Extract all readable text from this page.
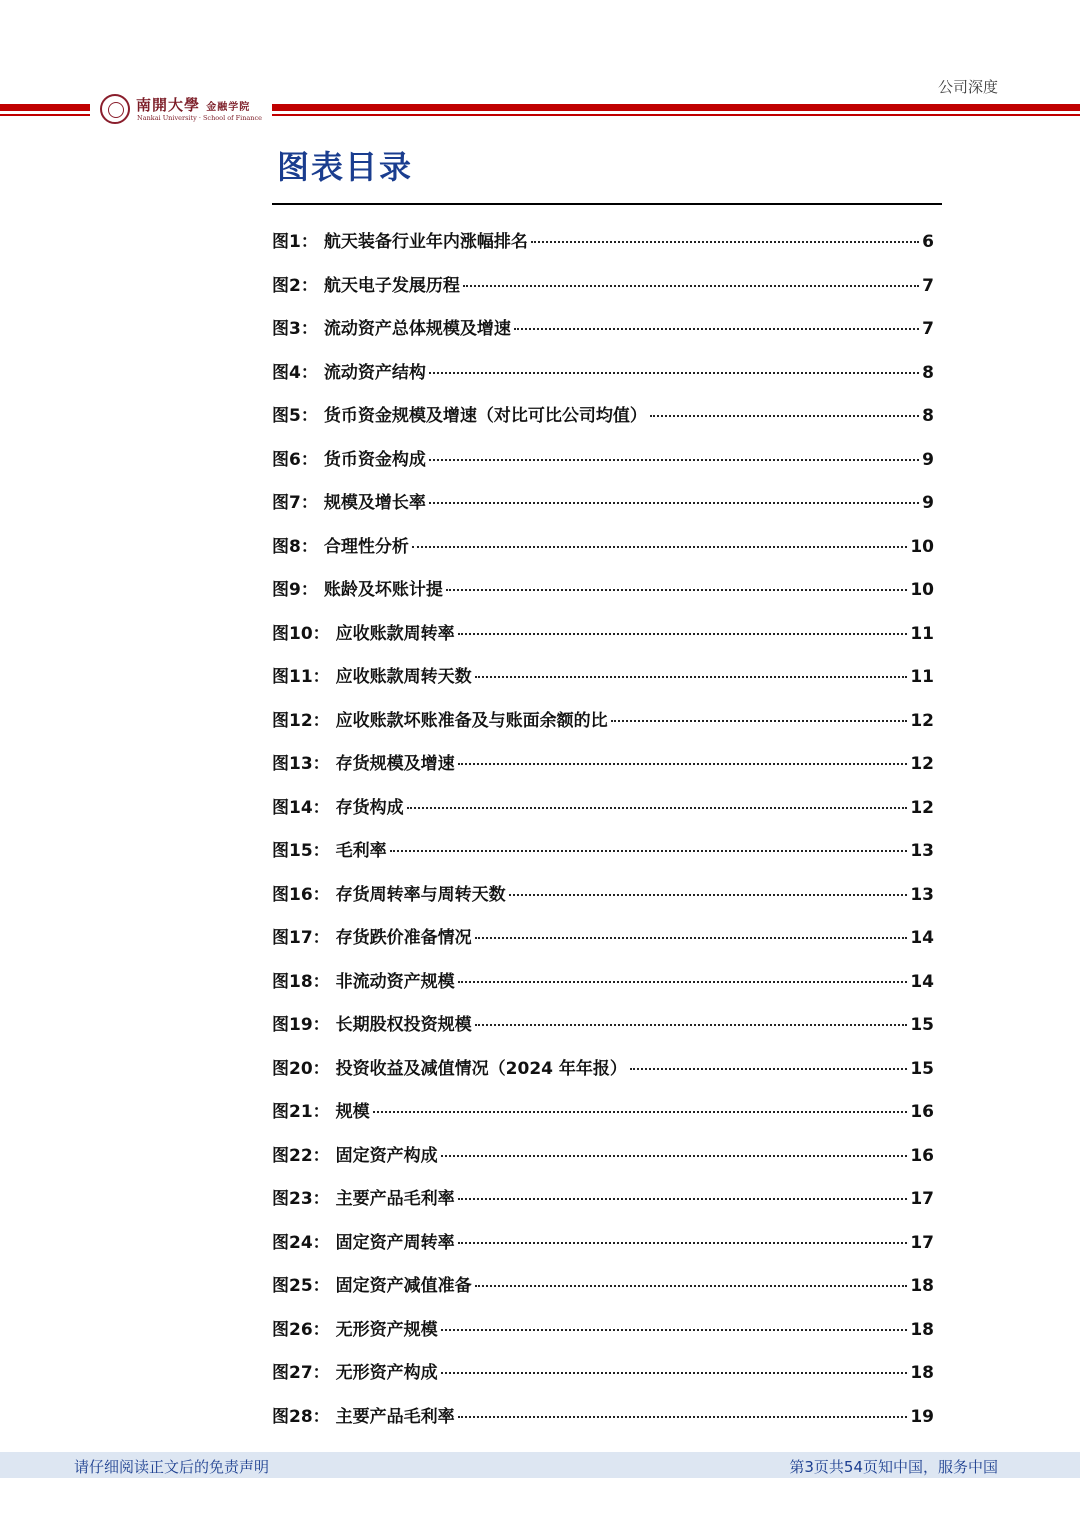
公司深度
南開大學 金融学院
Nankai University · School of Finance
图表目录
图 1 ： 航天装备行业年内涨幅排名	6
图 2 ： 航天电子发展历程	7
图 3 ： 流动资产总体规模及增速	7
图 4 ： 流动资产结构	8
图 5 ： 货币资金规模及增速（对比可比公司均值）	8
图 6 ： 货币资金构成	9
图 7 ： 规模及增长率	9
图 8 ： 合理性分析	10
图 9 ： 账龄及坏账计提	10
图 10 ： 应收账款周转率	11
图 11 ： 应收账款周转天数	11
图 12 ： 应收账款坏账准备及与账面余额的比	12
图 13 ： 存货规模及增速	12
图 14 ： 存货构成	12
图 15 ： 毛利率	13
图 16 ： 存货周转率与周转天数	13
图 17 ： 存货跌价准备情况	14
图 18 ： 非流动资产规模	14
图 19 ： 长期股权投资规模	15
图 20 ： 投资收益及减值情况（2024 年年报）	15
图 21 ： 规模	16
图 22 ： 固定资产构成	16
图 23 ： 主要产品毛利率	17
图 24 ： 固定资产周转率	17
图 25 ： 固定资产减值准备	18
图 26 ： 无形资产规模	18
图 27 ： 无形资产构成	18
图 28 ： 主要产品毛利率	19
请仔细阅读正文后的免责声明	第3页共54页知中国，服务中国
